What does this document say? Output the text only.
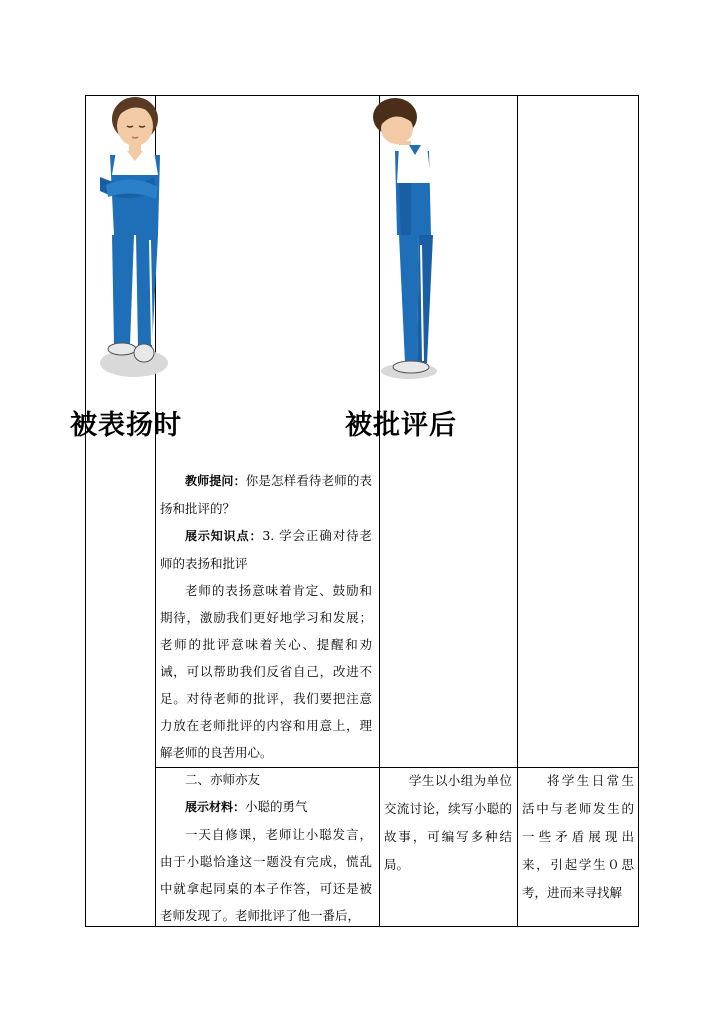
被表扬时	被批评后

教师提问：你是怎样看待老师的表扬和批评的？

展示知识点：3. 学会正确对待老师的表扬和批评

老师的表扬意味着肯定、鼓励和期待，激励我们更好地学习和发展；老师的批评意味着关心、提醒和劝诫，可以帮助我们反省自己，改进不足。对待老师的批评，我们要把注意力放在老师批评的内容和用意上，理解老师的良苦用心。

二、亦师亦友

展示材料：小聪的勇气

一天自修课，老师让小聪发言，由于小聪恰逢这一题没有完成，慌乱中就拿起同桌的本子作答，可还是被老师发现了。老师批评了他一番后，

学生以小组为单位交流讨论，续写小聪的故事，可编写多种结局。

将学生日常生活中与老师发生的一些矛盾展现出来，引起学生０思考，进而来寻找解
